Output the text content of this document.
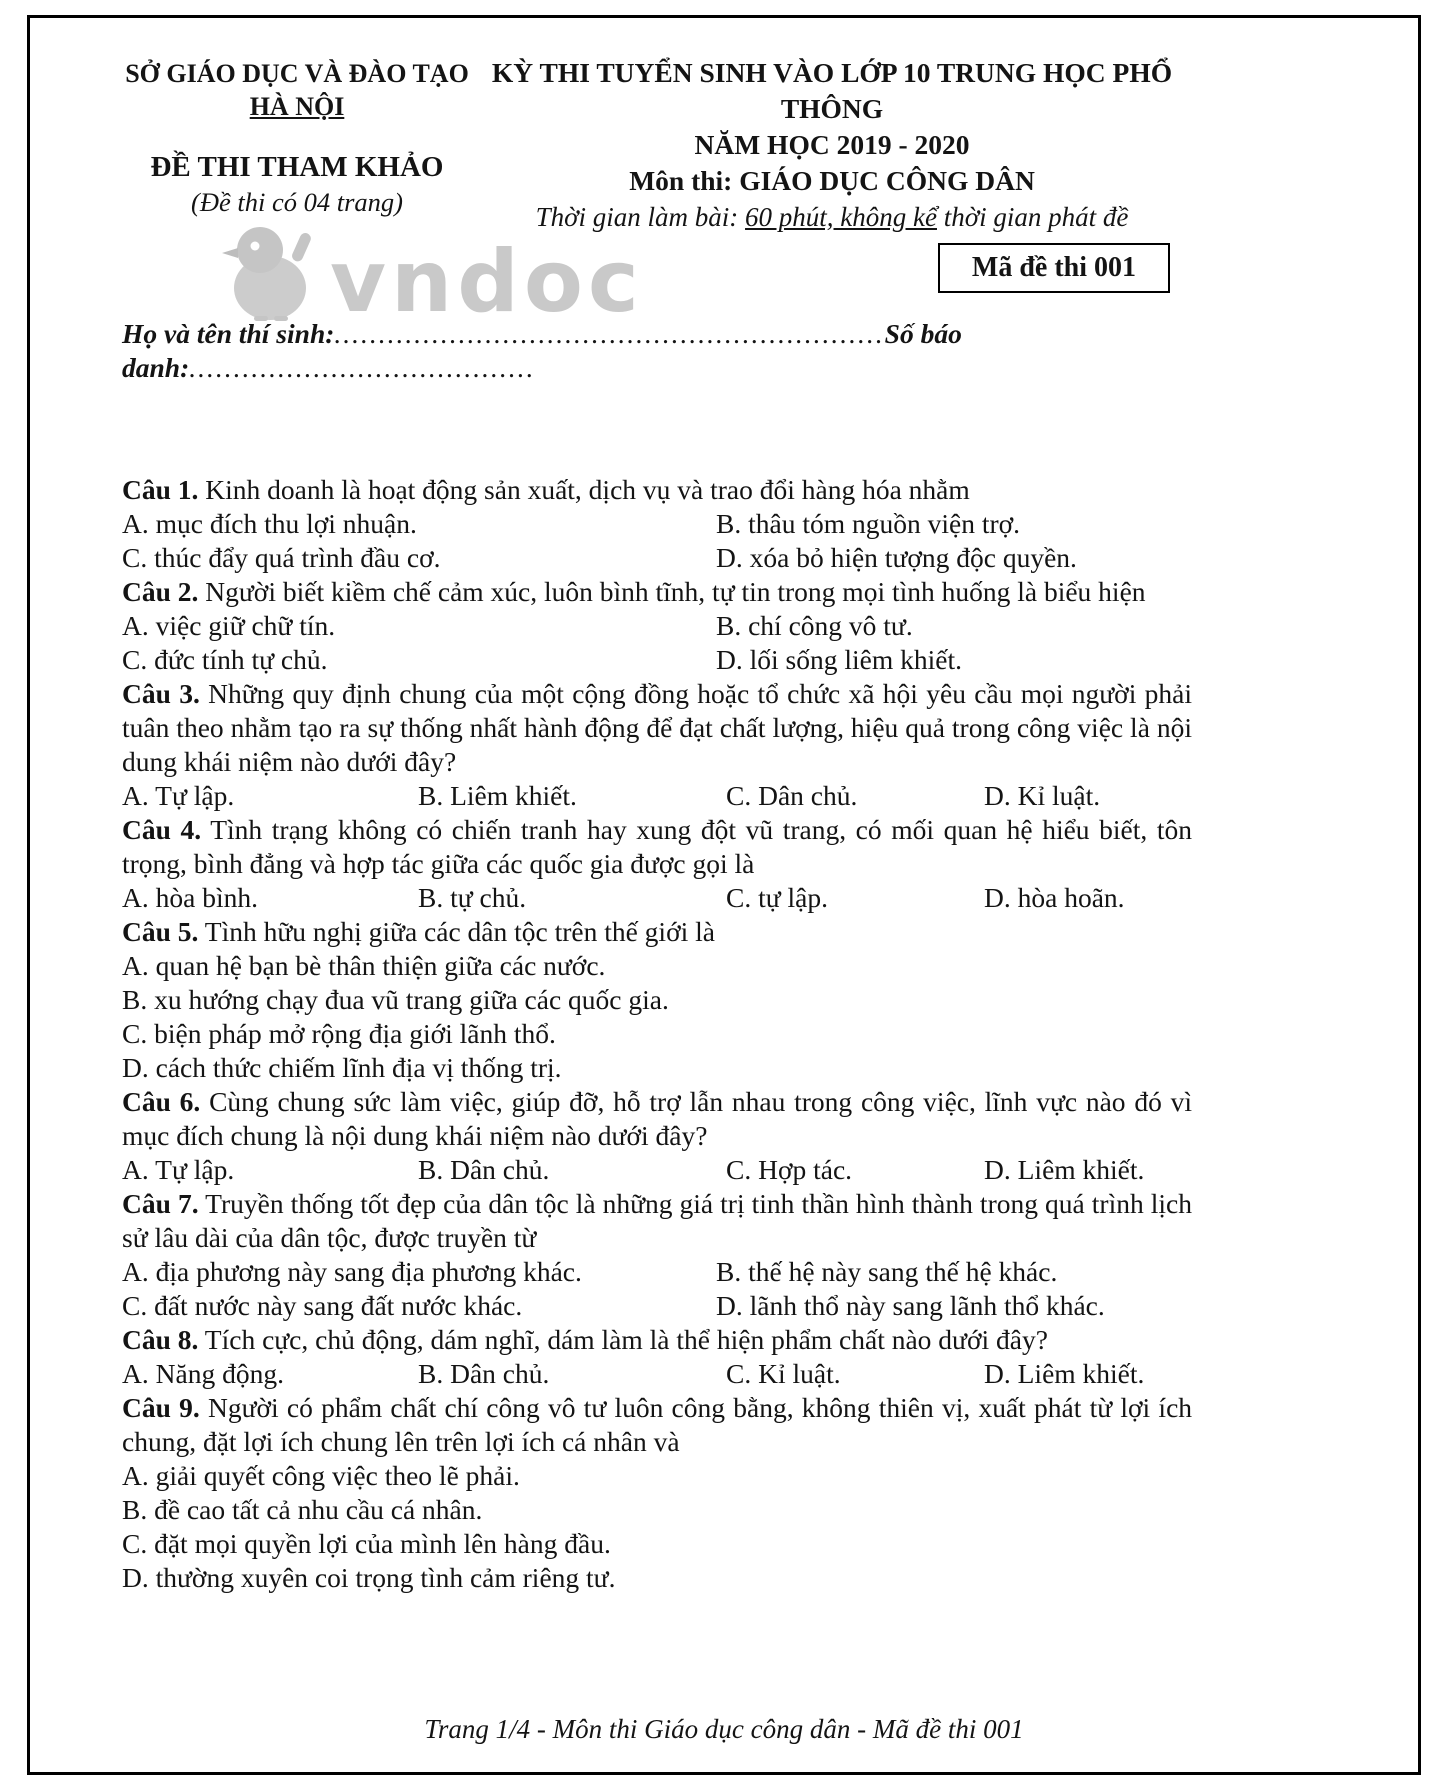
vndoc
SỞ GIÁO DỤC VÀ ĐÀO TẠO
HÀ NỘI
ĐỀ THI THAM KHẢO
(Đề thi có 04 trang)
KỲ THI TUYỂN SINH VÀO LỚP 10 TRUNG HỌC PHỔ THÔNG
NĂM HỌC 2019 - 2020
Môn thi: GIÁO DỤC CÔNG DÂN
Thời gian làm bài: 60 phút, không kể thời gian phát đề
Mã đề thi 001

Họ và tên thí sinh:..............................................................Số báo danh:.......................................

Câu 1. Kinh doanh là hoạt động sản xuất, dịch vụ và trao đổi hàng hóa nhằm

A. mục đích thu lợi nhuận.	B. thâu tóm nguồn viện trợ.
C. thúc đẩy quá trình đầu cơ.	D. xóa bỏ hiện tượng độc quyền.

Câu 2. Người biết kiềm chế cảm xúc, luôn bình tĩnh, tự tin trong mọi tình huống là biểu hiện

A. việc giữ chữ tín.	B. chí công vô tư.
C. đức tính tự chủ.	D. lối sống liêm khiết.

Câu 3. Những quy định chung của một cộng đồng hoặc tổ chức xã hội yêu cầu mọi người phải tuân theo nhằm tạo ra sự thống nhất hành động để đạt chất lượng, hiệu quả trong công việc là nội dung khái niệm nào dưới đây?

A. Tự lập.	B. Liêm khiết.	C. Dân chủ.	D. Kỉ luật.

Câu 4. Tình trạng không có chiến tranh hay xung đột vũ trang, có mối quan hệ hiểu biết, tôn trọng, bình đẳng và hợp tác giữa các quốc gia được gọi là

A. hòa bình.	B. tự chủ.	C. tự lập.	D. hòa hoãn.

Câu 5. Tình hữu nghị giữa các dân tộc trên thế giới là

A. quan hệ bạn bè thân thiện giữa các nước.
B. xu hướng chạy đua vũ trang giữa các quốc gia.
C. biện pháp mở rộng địa giới lãnh thổ.
D. cách thức chiếm lĩnh địa vị thống trị.

Câu 6. Cùng chung sức làm việc, giúp đỡ, hỗ trợ lẫn nhau trong công việc, lĩnh vực nào đó vì mục đích chung là nội dung khái niệm nào dưới đây?

A. Tự lập.	B. Dân chủ.	C. Hợp tác.	D. Liêm khiết.

Câu 7. Truyền thống tốt đẹp của dân tộc là những giá trị tinh thần hình thành trong quá trình lịch sử lâu dài của dân tộc, được truyền từ

A. địa phương này sang địa phương khác.	B. thế hệ này sang thế hệ khác.
C. đất nước này sang đất nước khác.	D. lãnh thổ này sang lãnh thổ khác.

Câu 8. Tích cực, chủ động, dám nghĩ, dám làm là thể hiện phẩm chất nào dưới đây?

A. Năng động.	B. Dân chủ.	C. Kỉ luật.	D. Liêm khiết.

Câu 9. Người có phẩm chất chí công vô tư luôn công bằng, không thiên vị, xuất phát từ lợi ích chung, đặt lợi ích chung lên trên lợi ích cá nhân và

A. giải quyết công việc theo lẽ phải.
B. đề cao tất cả nhu cầu cá nhân.
C. đặt mọi quyền lợi của mình lên hàng đầu.
D. thường xuyên coi trọng tình cảm riêng tư.
Trang 1/4 - Môn thi Giáo dục công dân - Mã đề thi 001
